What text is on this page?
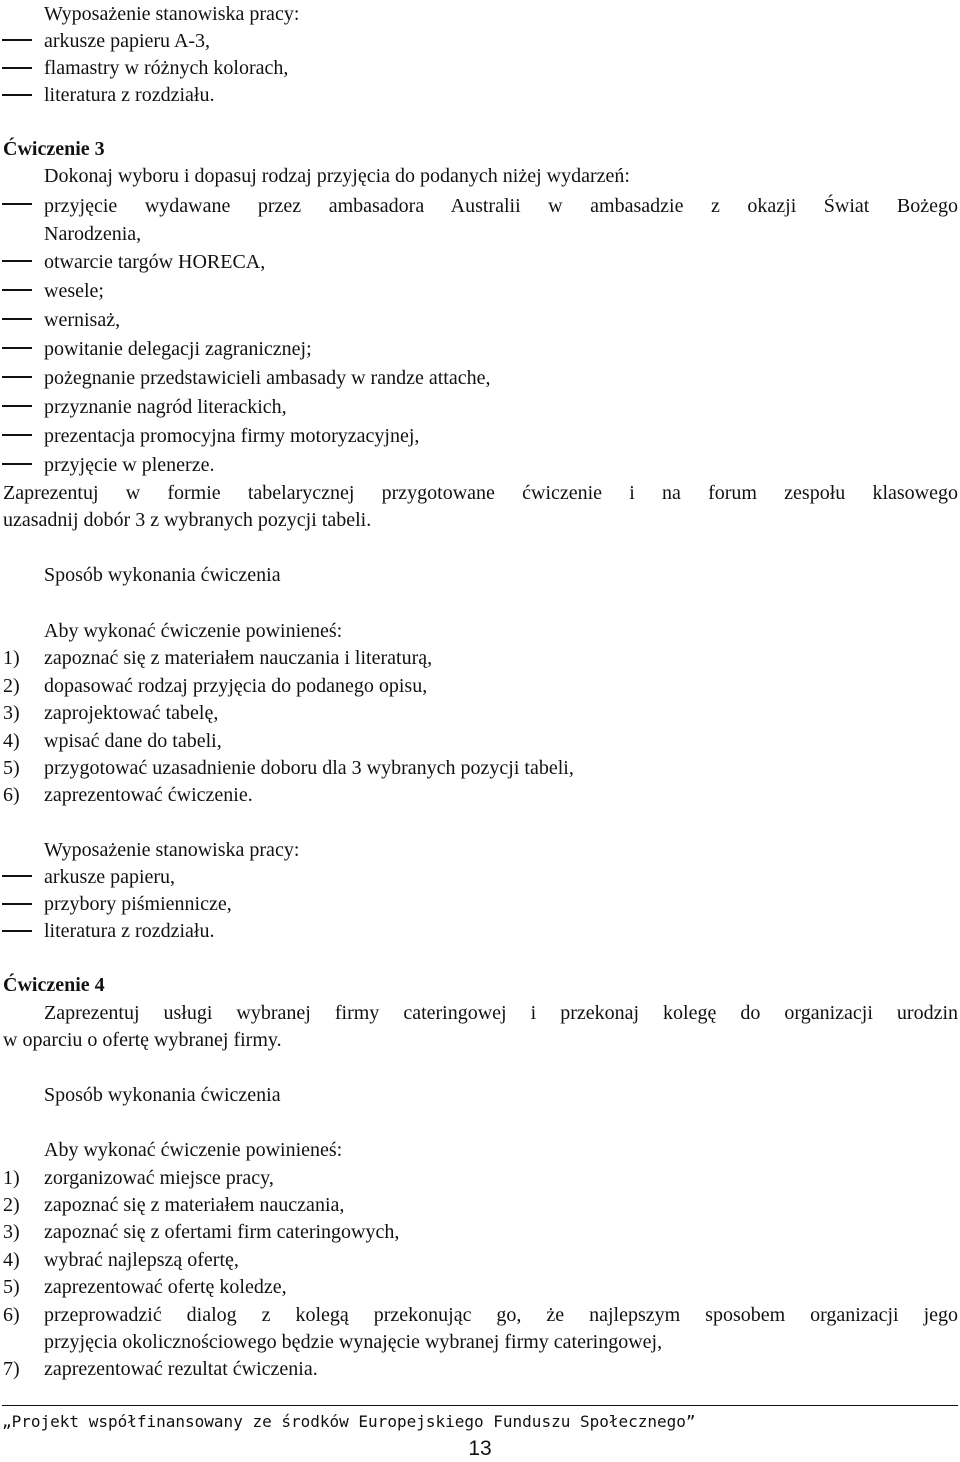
Wyposażenie stanowiska pracy:
arkusze papieru A-3,
flamastry w różnych kolorach,
literatura z rozdziału.
Ćwiczenie 3
Dokonaj wyboru i dopasuj rodzaj przyjęcia do podanych niżej wydarzeń:
przyjęcie wydawane przez ambasadora Australii w ambasadzie z okazji Świat Bożego
Narodzenia,
otwarcie targów HORECA,
wesele;
wernisaż,
powitanie delegacji zagranicznej;
pożegnanie przedstawicieli ambasady w randze attache,
przyznanie nagród literackich,
prezentacja promocyjna firmy motoryzacyjnej,
przyjęcie w plenerze.
Zaprezentuj w formie tabelarycznej przygotowane ćwiczenie i na forum zespołu klasowego
uzasadnij dobór 3 z wybranych pozycji tabeli.
Sposób wykonania ćwiczenia
Aby wykonać ćwiczenie powinieneś:
1) zapoznać się z materiałem nauczania i literaturą,
2) dopasować rodzaj przyjęcia do podanego opisu,
3) zaprojektować tabelę,
4) wpisać dane do tabeli,
5) przygotować uzasadnienie doboru dla 3 wybranych pozycji tabeli,
6) zaprezentować ćwiczenie.
Wyposażenie stanowiska pracy:
arkusze papieru,
przybory piśmiennicze,
literatura z rozdziału.
Ćwiczenie 4
Zaprezentuj usługi wybranej firmy cateringowej i przekonaj kolegę do organizacji urodzin
w oparciu o ofertę wybranej firmy.
Sposób wykonania ćwiczenia
Aby wykonać ćwiczenie powinieneś:
1) zorganizować miejsce pracy,
2) zapoznać się z materiałem nauczania,
3) zapoznać się z ofertami firm cateringowych,
4) wybrać najlepszą ofertę,
5) zaprezentować ofertę koledze,
6) przeprowadzić dialog z kolegą przekonując go, że najlepszym sposobem organizacji jego
przyjęcia okolicznościowego będzie wynajęcie wybranej firmy cateringowej,
7) zaprezentować rezultat ćwiczenia.
„Projekt współfinansowany ze środków Europejskiego Funduszu Społecznego”
13
